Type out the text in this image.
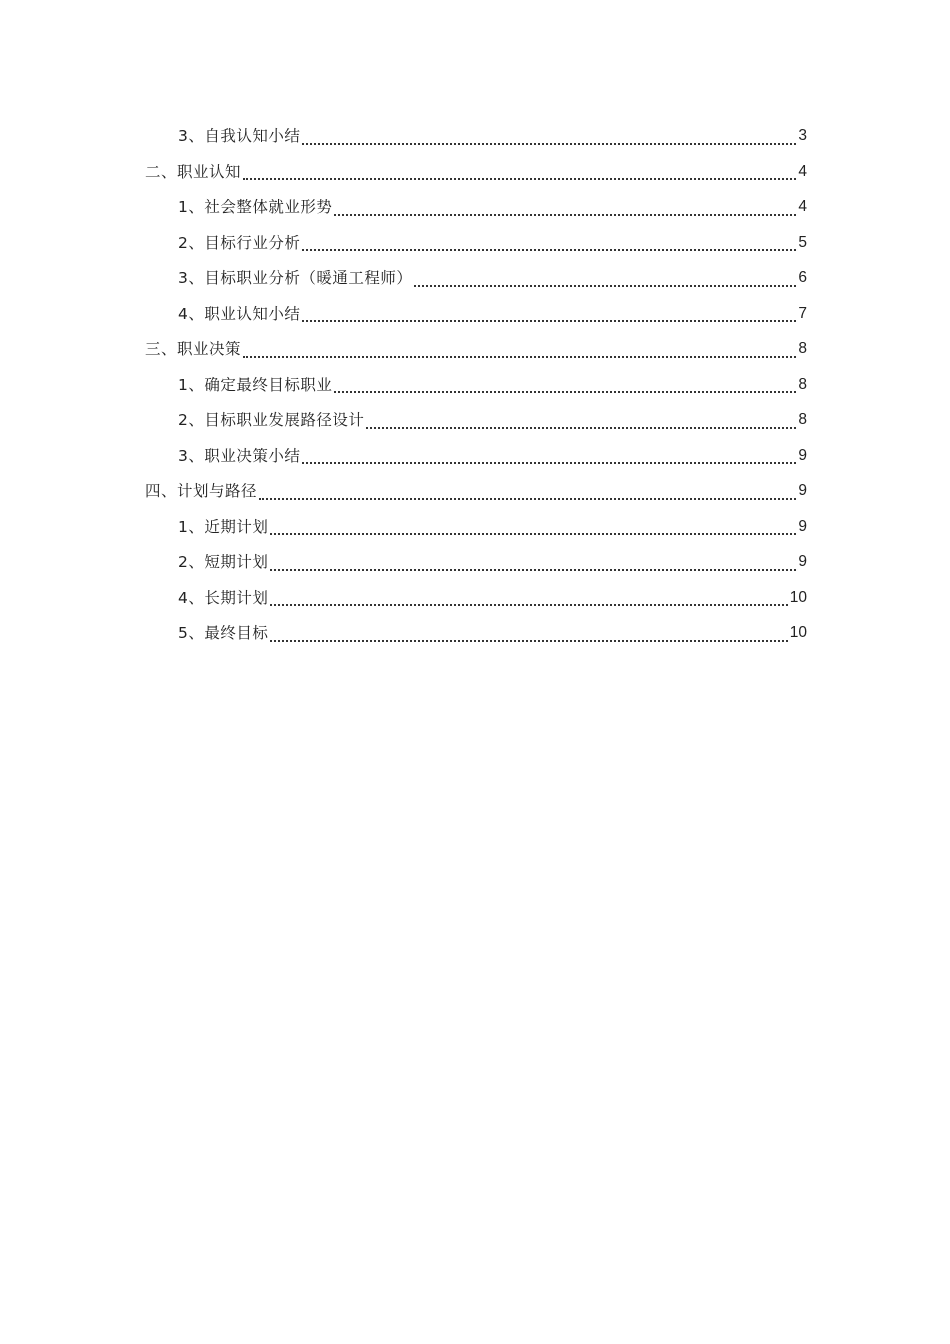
3、自我认知小结	3
二、职业认知	4
1、社会整体就业形势	4
2、目标行业分析	5
3、目标职业分析（暖通工程师）	6
4、职业认知小结	7
三、职业决策	8
1、确定最终目标职业	8
2、目标职业发展路径设计	8
3、职业决策小结	9
四、计划与路径	9
1、近期计划	9
2、短期计划	9
4、长期计划	10
5、最终目标	10
